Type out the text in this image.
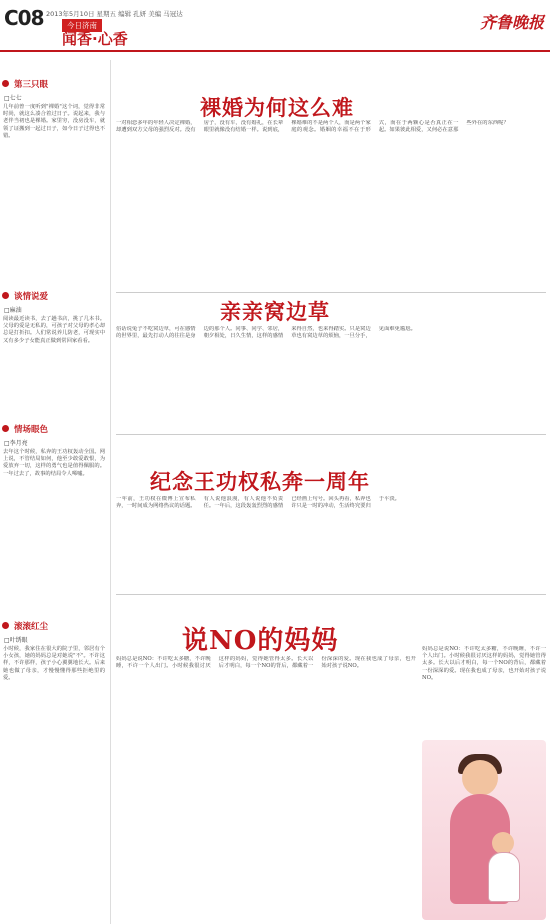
C08 2013年5月10日 星期五 编辑 孔妍 美编 马冠达
今日济南
闻香·心香
齐鲁晚报
第三只眼
□七七
几年前曾一度听到"裸婚"这个词，觉得非常时尚，就这么凑合着过日子。说起来，我与老伴当初也是裸婚。家里穷，没房没车，就领了证搬到一起过日子，如今日子过得也不错。
谈情说爱
□麻油
阅读最近读书，去了趟书店，挑了几本书。父母的爱是无私的，可孩子对父母的孝心却总是打折扣。人们常说养儿防老，可现实中又有多少子女能真正做到常回家看看。
情场眼色
□李月亮
去年这个时候，私奔的王功权轰动全国。网上说，不管结局如何，他至少敢爱敢恨，为爱放弃一切，这样的勇气也是值得佩服的。一年过去了，故事的结局令人唏嘘。
滚滚红尘
□叶绣眼
小时候，我家住在很大的院子里，邻居有个小女孩，她的妈妈总是对她说"不"。不许这样，不许那样，孩子小心翼翼地长大。后来她也做了母亲，才慢慢懂得那些拒绝里的爱。
裸婚为何这么难
一对相恋多年的年轻人决定裸婚，却遭到双方父母的强烈反对。没有房子，没有车，没有婚礼，在长辈眼里就像没有结婚一样。说到底，裸婚难的不是两个人，而是两个家庭的观念。婚姻的幸福不在于形式，而在于两颗心是否真正在一起。如果彼此相爱，又何必在意那些外在的东西呢？
亲亲窝边草
俗话说兔子不吃窝边草，可在感情的世界里，最先打动人的往往是身边的那个人。同事、同学、邻居，朝夕相处，日久生情，这样的感情来得自然，也来得踏实。只是窝边草也有窝边草的烦恼，一旦分手，见面难免尴尬。
纪念王功权私奔一周年
一年前，王功权在微博上宣布私奔，一时间成为网络热议的话题。有人说他浪漫，有人说他不负责任。一年后，这段轰轰烈烈的感情已经画上句号。回头再看，私奔也许只是一时的冲动，生活终究要归于平淡。
说NO的妈妈
妈妈总是说NO：不许吃太多糖，不许晚睡，不许一个人出门。小时候我很讨厌这样的妈妈，觉得她管得太多。长大以后才明白，每一个NO的背后，都藏着一份深深的爱。现在我也成了母亲，也开始对孩子说NO。
妈妈总是说NO：不许吃太多糖，不许晚睡，不许一个人出门。小时候我很讨厌这样的妈妈，觉得她管得太多。长大以后才明白，每一个NO的背后，都藏着一份深深的爱。现在我也成了母亲，也开始对孩子说NO。
